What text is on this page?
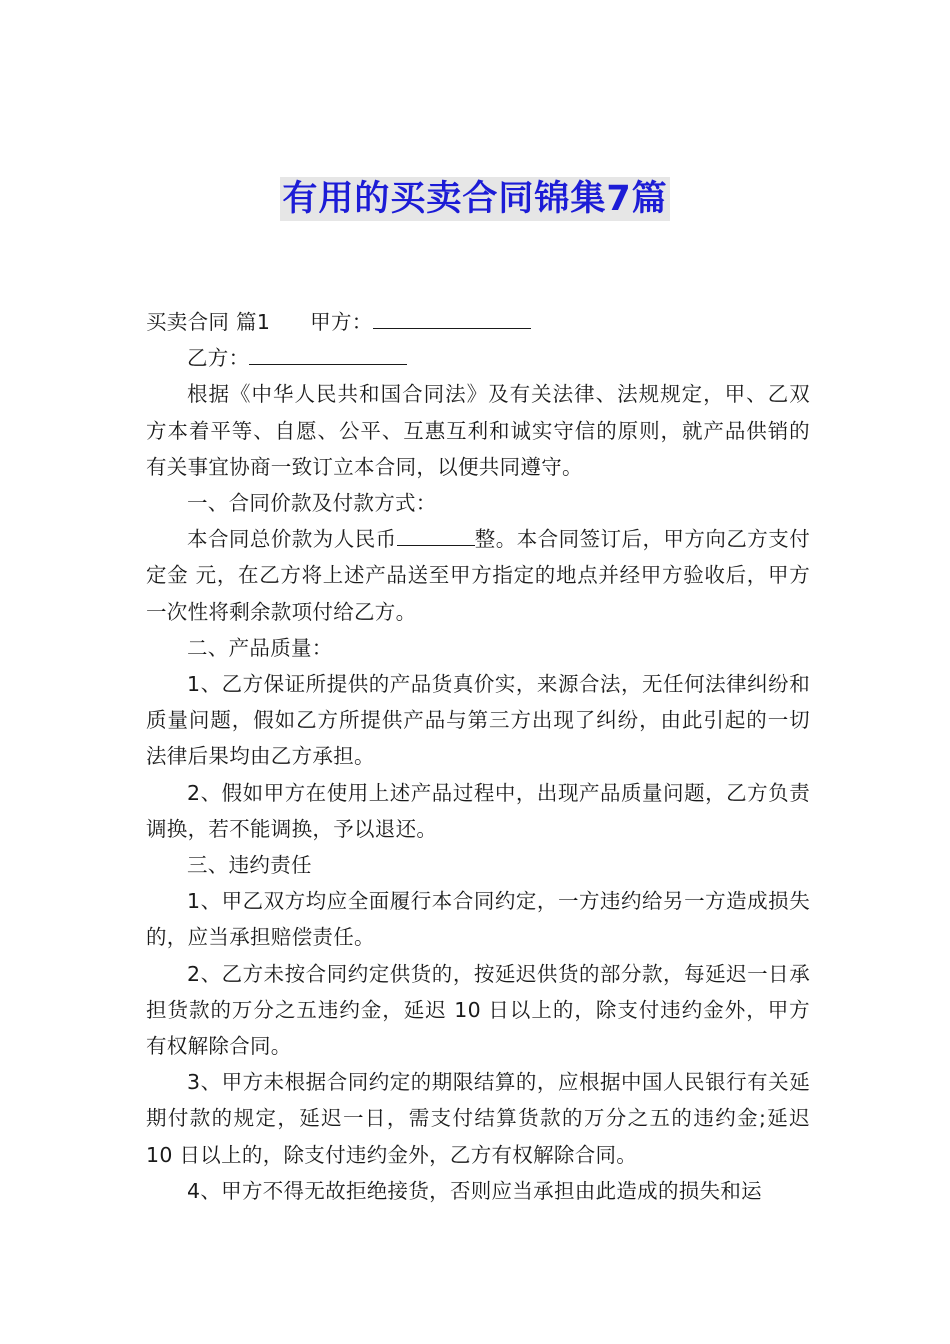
有用的买卖合同锦集7篇

买卖合同 篇1 甲方：

乙方：

根据《中华人民共和国合同法》及有关法律、法规规定，甲、乙双方本着平等、自愿、公平、互惠互利和诚实守信的原则，就产品供销的有关事宜协商一致订立本合同，以便共同遵守。

一、合同价款及付款方式：

本合同总价款为人民币	整。本合同签订后，甲方向乙方支付定金 元，在乙方将上述产品送至甲方指定的地点并经甲方验收后，甲方一次性将剩余款项付给乙方。

二、产品质量：

1、乙方保证所提供的产品货真价实，来源合法，无任何法律纠纷和质量问题，假如乙方所提供产品与第三方出现了纠纷，由此引起的一切法律后果均由乙方承担。

2、假如甲方在使用上述产品过程中，出现产品质量问题，乙方负责调换，若不能调换，予以退还。

三、违约责任

1、甲乙双方均应全面履行本合同约定，一方违约给另一方造成损失的，应当承担赔偿责任。

2、乙方未按合同约定供货的，按延迟供货的部分款，每延迟一日承担货款的万分之五违约金，延迟 10 日以上的，除支付违约金外，甲方有权解除合同。

3、甲方未根据合同约定的期限结算的，应根据中国人民银行有关延期付款的规定，延迟一日，需支付结算货款的万分之五的违约金;延迟 10 日以上的，除支付违约金外，乙方有权解除合同。

4、甲方不得无故拒绝接货，否则应当承担由此造成的损失和运
